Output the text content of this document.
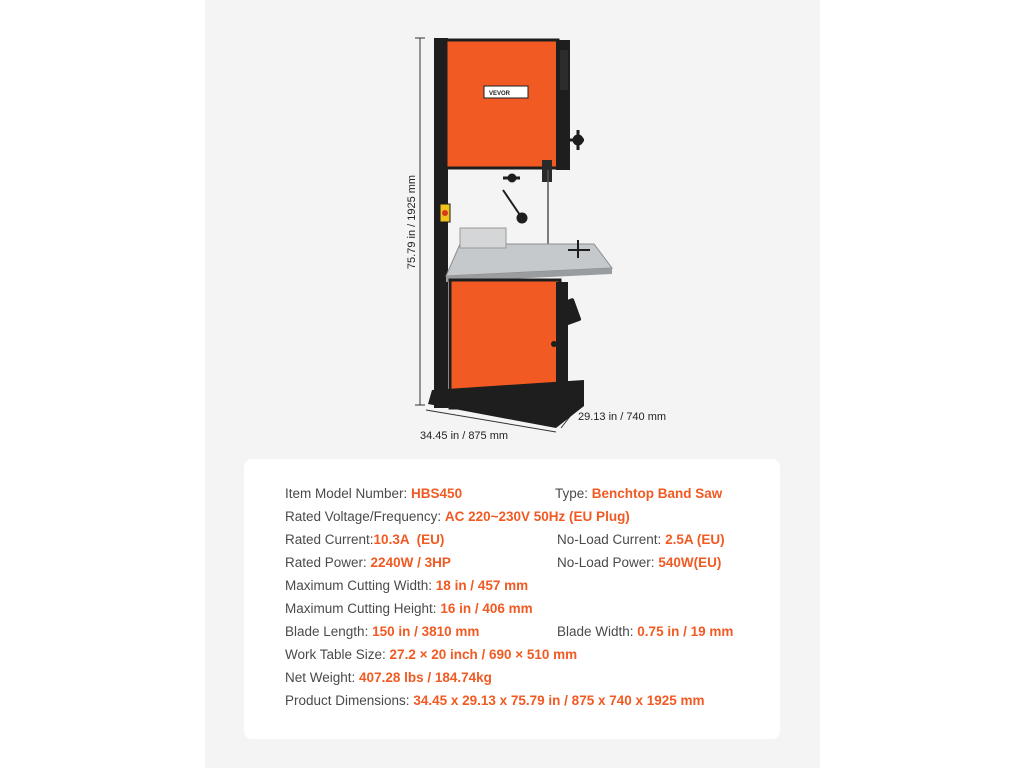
VEVOR
75.79 in / 1925 mm
29.13 in / 740 mm
34.45 in / 875 mm
Item Model Number: HBS450	Type: Benchtop Band Saw
Rated Voltage/Frequency: AC 220~230V 50Hz (EU Plug)
Rated Current:10.3A  (EU)	No-Load Current: 2.5A (EU)
Rated Power: 2240W / 3HP	No-Load Power: 540W(EU)
Maximum Cutting Width: 18 in / 457 mm
Maximum Cutting Height: 16 in / 406 mm
Blade Length: 150 in / 3810 mm	Blade Width: 0.75 in / 19 mm
Work Table Size: 27.2 × 20 inch / 690 × 510 mm
Net Weight: 407.28 lbs / 184.74kg
Product Dimensions: 34.45 x 29.13 x 75.79 in / 875 x 740 x 1925 mm
